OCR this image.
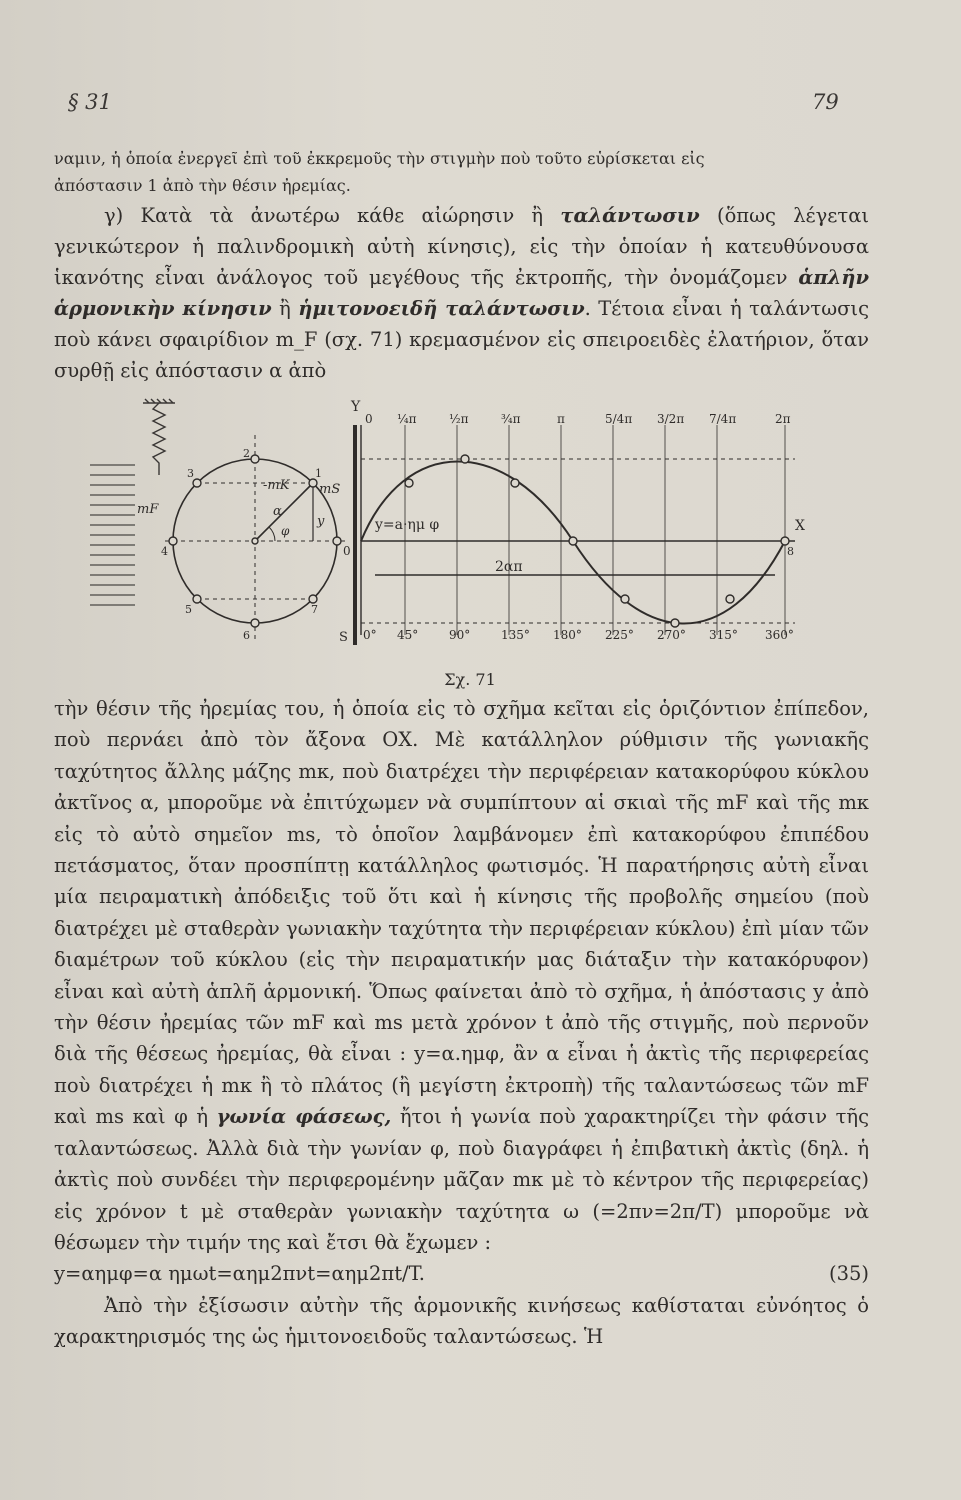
§ 31	79

ναμιν, ἡ ὁποία ἐνεργεῖ ἐπὶ τοῦ ἐκκρεμοῦς τὴν στιγμὴν ποὺ τοῦτο εὑρίσκεται εἰς

ἀπόστασιν 1 ἀπὸ τὴν θέσιν ἠρεμίας.

γ) Κατὰ τὰ ἀνωτέρω κάθε αἰώρησιν ἢ ταλάντωσιν (ὅπως λέγεται γενικώτερον ἡ παλινδρομικὴ αὐτὴ κίνησις), εἰς τὴν ὁποίαν ἡ κατευθύνουσα ἱκανότης εἶναι ἀνάλογος τοῦ μεγέθους τῆς ἐκτροπῆς, τὴν ὀνομάζομεν ἁπλῆν ἁρμονικὴν κίνησιν ἢ ἡμιτονοειδῆ ταλάντωσιν. Τέτοια εἶναι ἡ ταλάντωσις ποὺ κάνει σφαιρίδιον m_F (σχ. 71) κρεμασμένον εἰς σπειροειδὲς ἐλατήριον, ὅταν συρθῇ εἰς ἀπόστασιν α ἀπὸ

Y
X
0
y=a·ημ φ
2απ
mF
-mK mS
α
φ
y
S
0 ¼π	½π	¾π	π	5/4π 3/2π 7/4π	2π
0° 45°	90°	135° 180° 225° 270° 315° 360°
1
2
3
4
5
6
7
8
Σχ. 71

τὴν θέσιν τῆς ἠρεμίας του, ἡ ὁποία εἰς τὸ σχῆμα κεῖται εἰς ὁριζόντιον ἐπίπεδον, ποὺ περνάει ἀπὸ τὸν ἄξονα ΟΧ. Μὲ κατάλληλον ρύθμισιν τῆς γωνιακῆς ταχύτητος ἄλλης μάζης mκ, ποὺ διατρέχει τὴν περιφέρειαν κατακορύφου κύκλου ἀκτῖνος α, μποροῦμε νὰ ἐπιτύχωμεν νὰ συμπίπτουν αἱ σκιαὶ τῆς mF καὶ τῆς mκ εἰς τὸ αὐτὸ σημεῖον ms, τὸ ὁποῖον λαμβάνομεν ἐπὶ κατακορύφου ἐπιπέδου πετάσματος, ὅταν προσπίπτῃ κατάλληλος φωτισμός. Ἡ παρατήρησις αὐτὴ εἶναι μία πειραματικὴ ἀπόδειξις τοῦ ὅτι καὶ ἡ κίνησις τῆς προβολῆς σημείου (ποὺ διατρέχει μὲ σταθερὰν γωνιακὴν ταχύτητα τὴν περιφέρειαν κύκλου) ἐπὶ μίαν τῶν διαμέτρων τοῦ κύκλου (εἰς τὴν πειραματικήν μας διάταξιν τὴν κατακόρυφον) εἶναι καὶ αὐτὴ ἁπλῆ ἁρμονική. Ὅπως φαίνεται ἀπὸ τὸ σχῆμα, ἡ ἀπόστασις y ἀπὸ τὴν θέσιν ἠρεμίας τῶν mF καὶ ms μετὰ χρόνον t ἀπὸ τῆς στιγμῆς, ποὺ περνοῦν διὰ τῆς θέσεως ἠρεμίας, θὰ εἶναι : y=α.ημφ, ἂν α εἶναι ἡ ἀκτὶς τῆς περιφερείας ποὺ διατρέχει ἡ mκ ἢ τὸ πλάτος (ἢ μεγίστη ἐκτροπὴ) τῆς ταλαντώσεως τῶν mF καὶ ms καὶ φ ἡ γωνία φάσεως, ἤτοι ἡ γωνία ποὺ χαρακτηρίζει τὴν φάσιν τῆς ταλαντώσεως. Ἀλλὰ διὰ τὴν γωνίαν φ, ποὺ διαγράφει ἡ ἐπιβατικὴ ἀκτὶς (δηλ. ἡ ἀκτὶς ποὺ συνδέει τὴν περιφερομένην μᾶζαν mκ μὲ τὸ κέντρον τῆς περιφερείας) εἰς χρόνον t μὲ σταθερὰν γωνιακὴν ταχύτητα ω (=2πν=2π/T) μποροῦμε νὰ θέσωμεν τὴν τιμήν της καὶ ἔτσι θὰ ἔχωμεν :

y=αημφ=α ημωt=αημ2πνt=αημ2πt/T.	(35)

Ἀπὸ τὴν ἐξίσωσιν αὐτὴν τῆς ἁρμονικῆς κινήσεως καθίσταται εὐνόητος ὁ χαρακτηρισμός της ὡς ἡμιτονοειδοῦς ταλαντώσεως. Ἡ
